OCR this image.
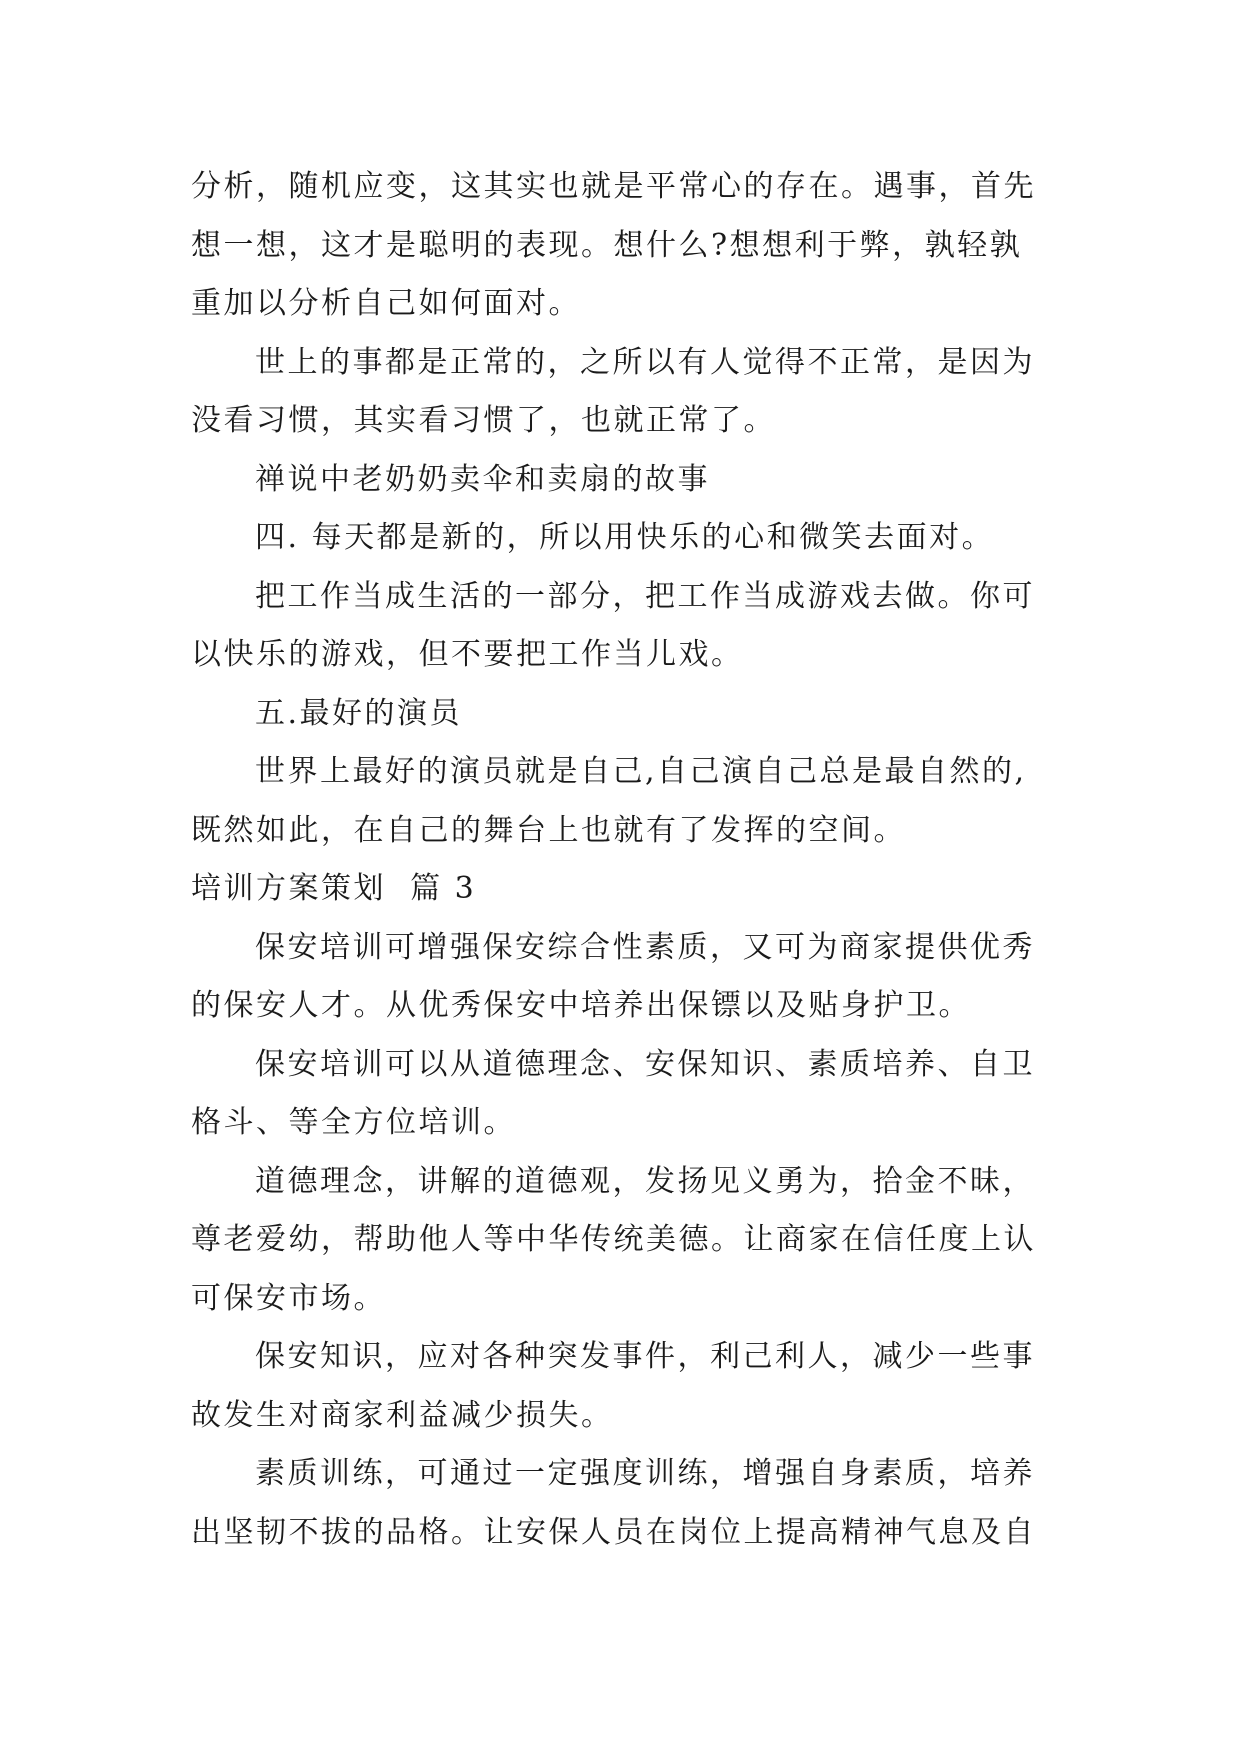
分析，随机应变，这其实也就是平常心的存在。遇事，首先
想一想，这才是聪明的表现。想什么?想想利于弊，孰轻孰
重加以分析自己如何面对。

世上的事都是正常的，之所以有人觉得不正常，是因为
没看习惯，其实看习惯了，也就正常了。

禅说中老奶奶卖伞和卖扇的故事

四. 每天都是新的，所以用快乐的心和微笑去面对。

把工作当成生活的一部分，把工作当成游戏去做。你可
以快乐的游戏，但不要把工作当儿戏。

五.最好的演员

世界上最好的演员就是自己,自己演自己总是最自然的,
既然如此，在自己的舞台上也就有了发挥的空间。

培训方案策划  篇 3

保安培训可增强保安综合性素质，又可为商家提供优秀
的保安人才。从优秀保安中培养出保镖以及贴身护卫。

保安培训可以从道德理念、安保知识、素质培养、自卫
格斗、等全方位培训。

道德理念，讲解的道德观，发扬见义勇为，拾金不昧，
尊老爱幼，帮助他人等中华传统美德。让商家在信任度上认
可保安市场。

保安知识，应对各种突发事件，利己利人，减少一些事
故发生对商家利益减少损失。

素质训练，可通过一定强度训练，增强自身素质，培养
出坚韧不拔的品格。让安保人员在岗位上提高精神气息及自
